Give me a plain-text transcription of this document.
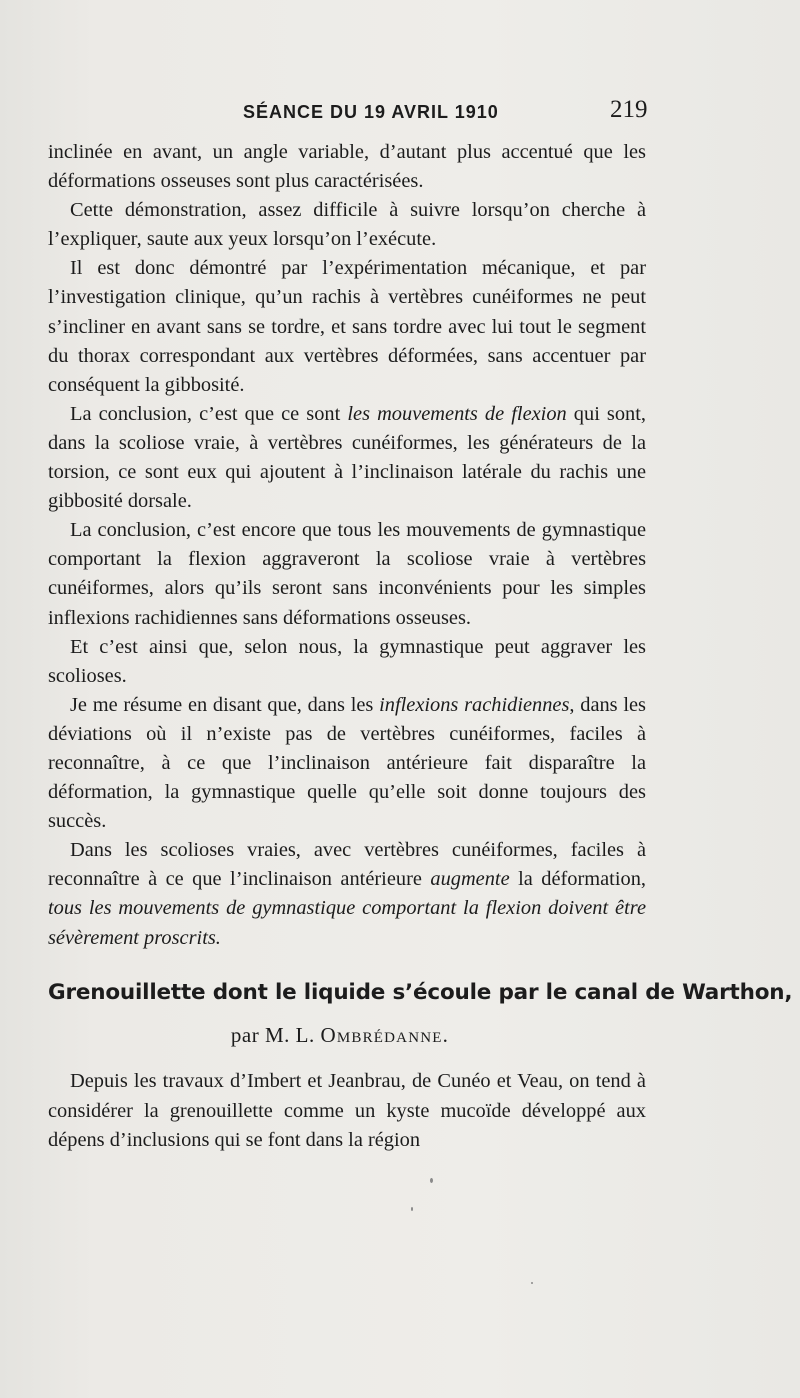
SÉANCE DU 19 AVRIL 1910	219

inclinée en avant, un angle variable, d’autant plus accentué que les déformations osseuses sont plus caractérisées.

Cette démonstration, assez difficile à suivre lorsqu’on cherche à l’expliquer, saute aux yeux lorsqu’on l’exécute.

Il est donc démontré par l’expérimentation mécanique, et par l’investigation clinique, qu’un rachis à vertèbres cunéiformes ne peut s’incliner en avant sans se tordre, et sans tordre avec lui tout le segment du thorax correspondant aux vertèbres déformées, sans accentuer par conséquent la gibbosité.

La conclusion, c’est que ce sont les mouvements de flexion qui sont, dans la scoliose vraie, à vertèbres cunéiformes, les générateurs de la torsion, ce sont eux qui ajoutent à l’inclinaison latérale du rachis une gibbosité dorsale.

La conclusion, c’est encore que tous les mouvements de gymnastique comportant la flexion aggraveront la scoliose vraie à vertèbres cunéiformes, alors qu’ils seront sans inconvénients pour les simples inflexions rachidiennes sans déformations osseuses.

Et c’est ainsi que, selon nous, la gymnastique peut aggraver les scolioses.

Je me résume en disant que, dans les inflexions rachidiennes, dans les déviations où il n’existe pas de vertèbres cunéiformes, faciles à reconnaître, à ce que l’inclinaison antérieure fait disparaître la déformation, la gymnastique quelle qu’elle soit donne toujours des succès.

Dans les scolioses vraies, avec vertèbres cunéiformes, faciles à reconnaître à ce que l’inclinaison antérieure augmente la déformation, tous les mouvements de gymnastique comportant la flexion doivent être sévèrement proscrits.

Grenouillette dont le liquide s’écoule par le canal de Warthon,
par M. L. Ombrédanne.

Depuis les travaux d’Imbert et Jeanbrau, de Cunéo et Veau, on tend à considérer la grenouillette comme un kyste mucoïde développé aux dépens d’inclusions qui se font dans la région
